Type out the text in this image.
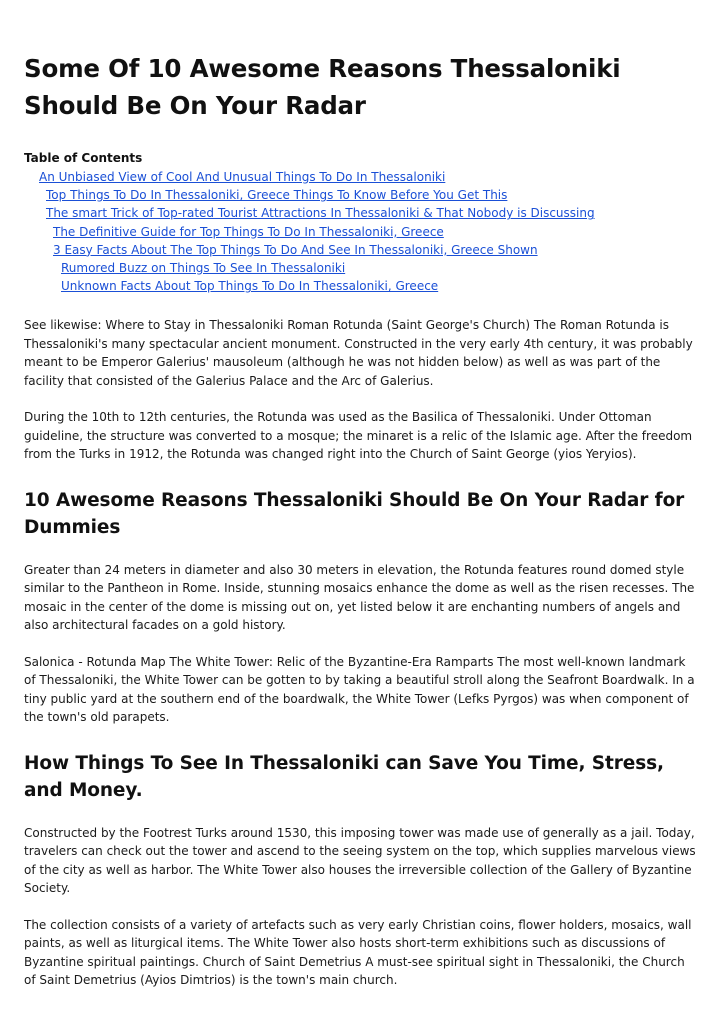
Some Of 10 Awesome Reasons Thessaloniki Should Be On Your Radar
Table of Contents
An Unbiased View of Cool And Unusual Things To Do In Thessaloniki
Top Things To Do In Thessaloniki, Greece Things To Know Before You Get This
The smart Trick of Top-rated Tourist Attractions In Thessaloniki & That Nobody is Discussing
The Definitive Guide for Top Things To Do In Thessaloniki, Greece
3 Easy Facts About The Top Things To Do And See In Thessaloniki, Greece Shown
Rumored Buzz on Things To See In Thessaloniki
Unknown Facts About Top Things To Do In Thessaloniki, Greece

See likewise: Where to Stay in Thessaloniki Roman Rotunda (Saint George's Church) The Roman Rotunda is Thessaloniki's many spectacular ancient monument. Constructed in the very early 4th century, it was probably meant to be Emperor Galerius' mausoleum (although he was not hidden below) as well as was part of the facility that consisted of the Galerius Palace and the Arc of Galerius.

During the 10th to 12th centuries, the Rotunda was used as the Basilica of Thessaloniki. Under Ottoman guideline, the structure was converted to a mosque; the minaret is a relic of the Islamic age. After the freedom from the Turks in 1912, the Rotunda was changed right into the Church of Saint George (yios Yeryios).

10 Awesome Reasons Thessaloniki Should Be On Your Radar for Dummies

Greater than 24 meters in diameter and also 30 meters in elevation, the Rotunda features round domed style similar to the Pantheon in Rome. Inside, stunning mosaics enhance the dome as well as the risen recesses. The mosaic in the center of the dome is missing out on, yet listed below it are enchanting numbers of angels and also architectural facades on a gold history.

Salonica - Rotunda Map The White Tower: Relic of the Byzantine-Era Ramparts The most well-known landmark of Thessaloniki, the White Tower can be gotten to by taking a beautiful stroll along the Seafront Boardwalk. In a tiny public yard at the southern end of the boardwalk, the White Tower (Lefks Pyrgos) was when component of the town's old parapets.

How Things To See In Thessaloniki can Save You Time, Stress, and Money.

Constructed by the Footrest Turks around 1530, this imposing tower was made use of generally as a jail. Today, travelers can check out the tower and ascend to the seeing system on the top, which supplies marvelous views of the city as well as harbor. The White Tower also houses the irreversible collection of the Gallery of Byzantine Society.

The collection consists of a variety of artefacts such as very early Christian coins, flower holders, mosaics, wall paints, as well as liturgical items. The White Tower also hosts short-term exhibitions such as discussions of Byzantine spiritual paintings. Church of Saint Demetrius A must-see spiritual sight in Thessaloniki, the Church of Saint Demetrius (Ayios Dimtrios) is the town's main church.
